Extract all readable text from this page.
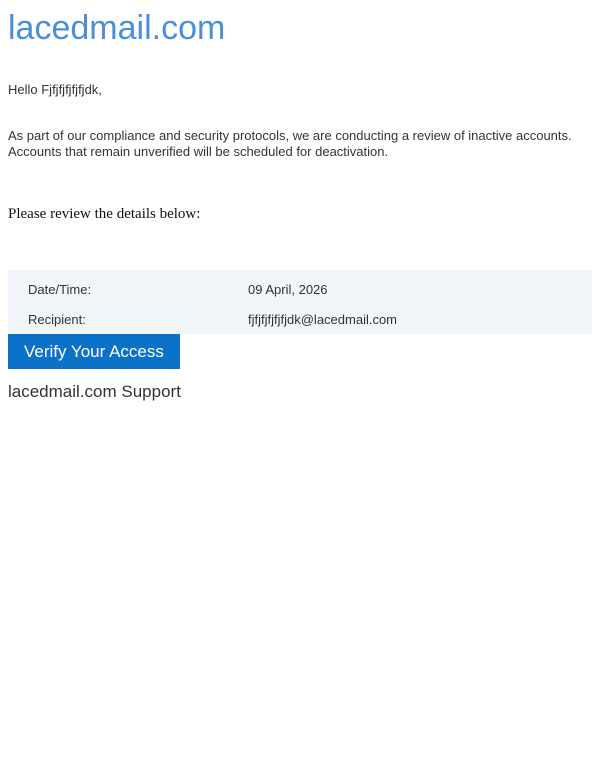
lacedmail.com

Hello Fjfjfjfjfjfjdk,

As part of our compliance and security protocols, we are conducting a review of inactive accounts. Accounts that remain unverified will be scheduled for deactivation.

Please review the details below:

Date/Time:	09 April, 2026
Recipient:	fjfjfjfjfjfjdk@lacedmail.com
Verify Your Access

lacedmail.com Support
